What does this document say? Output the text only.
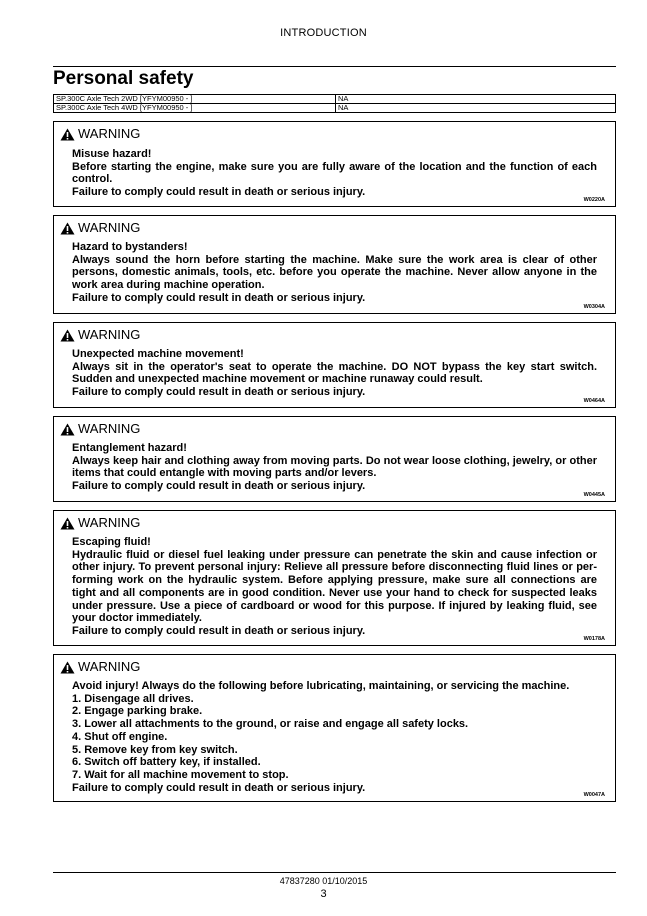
INTRODUCTION
Personal safety
SP.300C Axle Tech 2WD [YFYM00950 - ]	NA
SP.300C Axle Tech 4WD [YFYM00950 - ]	NA
WARNING
Misuse hazard!
Before starting the engine, make sure you are fully aware of the location and the function of each control.
Failure to comply could result in death or serious injury.
W0220A
WARNING
Hazard to bystanders!
Always sound the horn before starting the machine. Make sure the work area is clear of other persons, domestic animals, tools, etc. before you operate the machine. Never allow anyone in the work area during machine operation.
Failure to comply could result in death or serious injury.
W0304A
WARNING
Unexpected machine movement!
Always sit in the operator's seat to operate the machine. DO NOT bypass the key start switch. Sudden and unexpected machine movement or machine runaway could result.
Failure to comply could result in death or serious injury.
W0464A
WARNING
Entanglement hazard!
Always keep hair and clothing away from moving parts. Do not wear loose clothing, jewelry, or other items that could entangle with moving parts and/or levers.
Failure to comply could result in death or serious injury.
W0445A
WARNING
Escaping fluid!
Hydraulic fluid or diesel fuel leaking under pressure can penetrate the skin and cause infection or other injury. To prevent personal injury: Relieve all pressure before disconnecting fluid lines or per-forming work on the hydraulic system. Before applying pressure, make sure all connections are tight and all components are in good condition. Never use your hand to check for suspected leaks under pressure. Use a piece of cardboard or wood for this purpose. If injured by leaking fluid, see your doctor immediately.
Failure to comply could result in death or serious injury.
W0178A
WARNING
Avoid injury! Always do the following before lubricating, maintaining, or servicing the machine.
1. Disengage all drives.
2. Engage parking brake.
3. Lower all attachments to the ground, or raise and engage all safety locks.
4. Shut off engine.
5. Remove key from key switch.
6. Switch off battery key, if installed.
7. Wait for all machine movement to stop.
Failure to comply could result in death or serious injury.
W0047A
47837280 01/10/2015
3
